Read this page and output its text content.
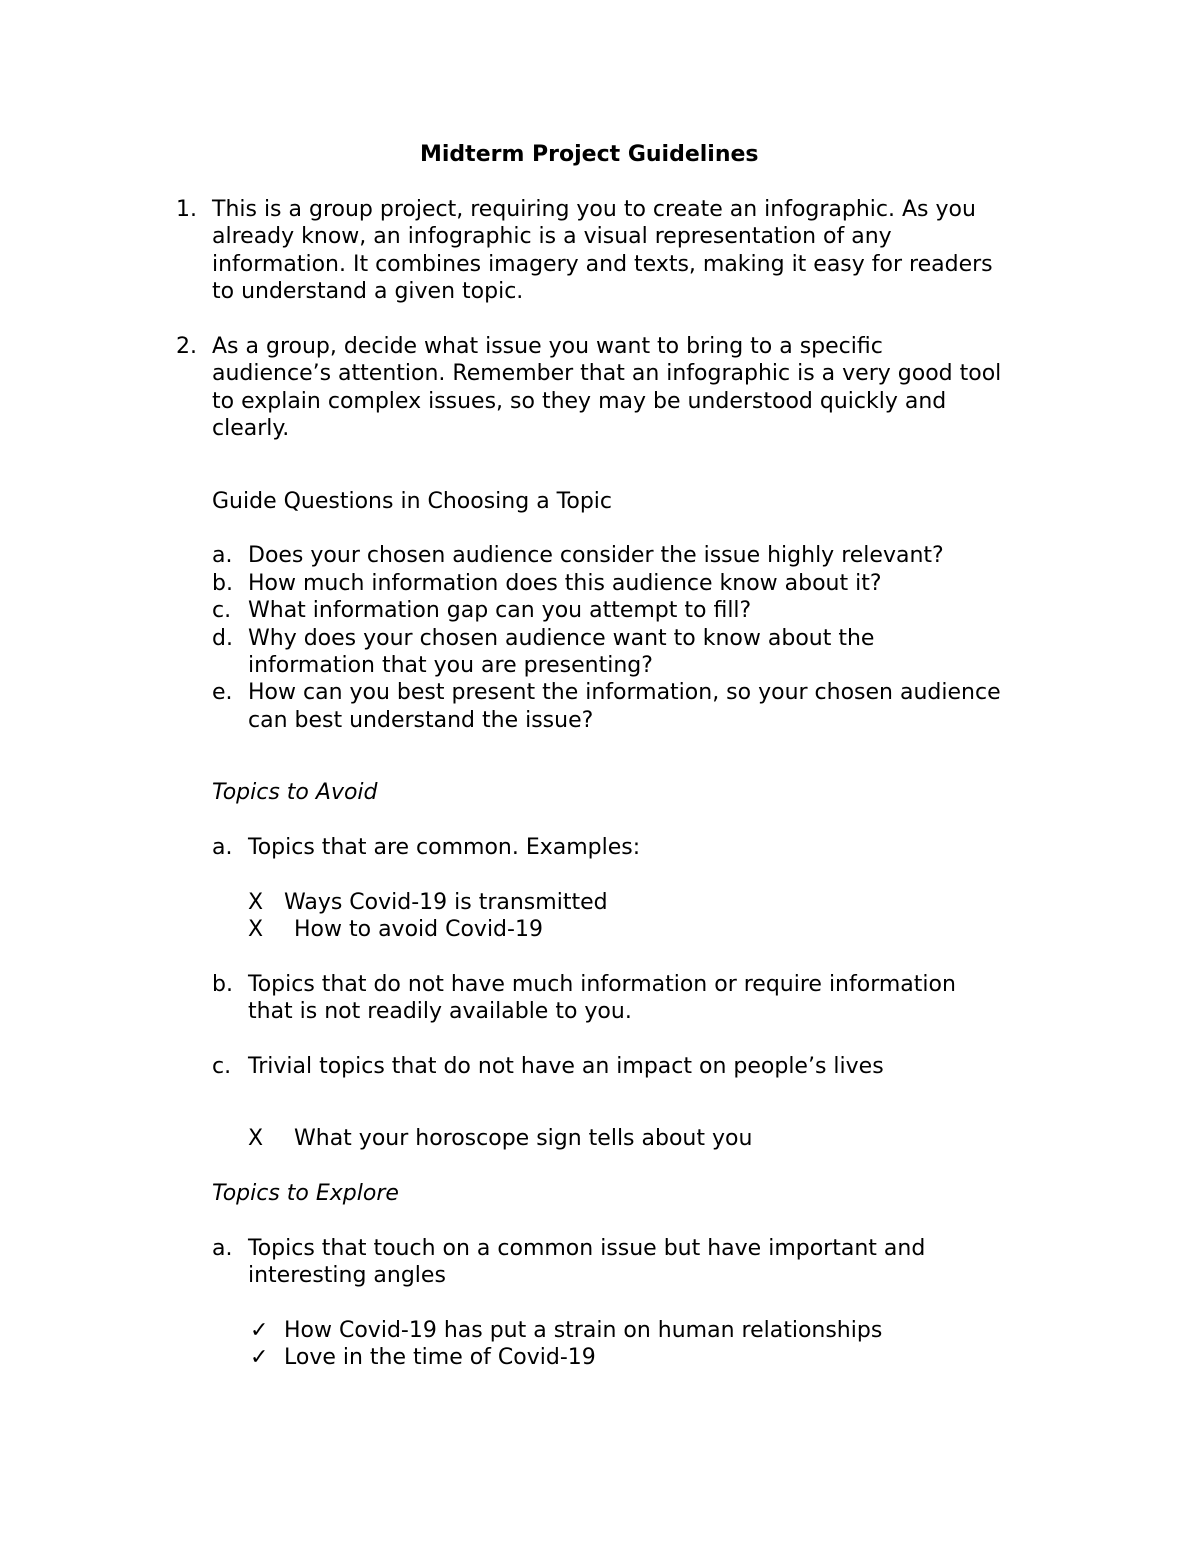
Midterm Project Guidelines
1. This is a group project, requiring you to create an infographic. As you
already know, an infographic is a visual representation of any
information. It combines imagery and texts, making it easy for readers
to understand a given topic.
2. As a group, decide what issue you want to bring to a specific
audience’s attention. Remember that an infographic is a very good tool
to explain complex issues, so they may be understood quickly and
clearly.
Guide Questions in Choosing a Topic
a. Does your chosen audience consider the issue highly relevant?
b. How much information does this audience know about it?
c. What information gap can you attempt to fill?
d. Why does your chosen audience want to know about the
information that you are presenting?
e. How can you best present the information, so your chosen audience
can best understand the issue?
Topics to Avoid
a. Topics that are common. Examples:
X Ways Covid-19 is transmitted
X How to avoid Covid-19
b. Topics that do not have much information or require information
that is not readily available to you.
c. Trivial topics that do not have an impact on people’s lives
X What your horoscope sign tells about you
Topics to Explore
a. Topics that touch on a common issue but have important and
interesting angles
✓ How Covid-19 has put a strain on human relationships
✓ Love in the time of Covid-19
